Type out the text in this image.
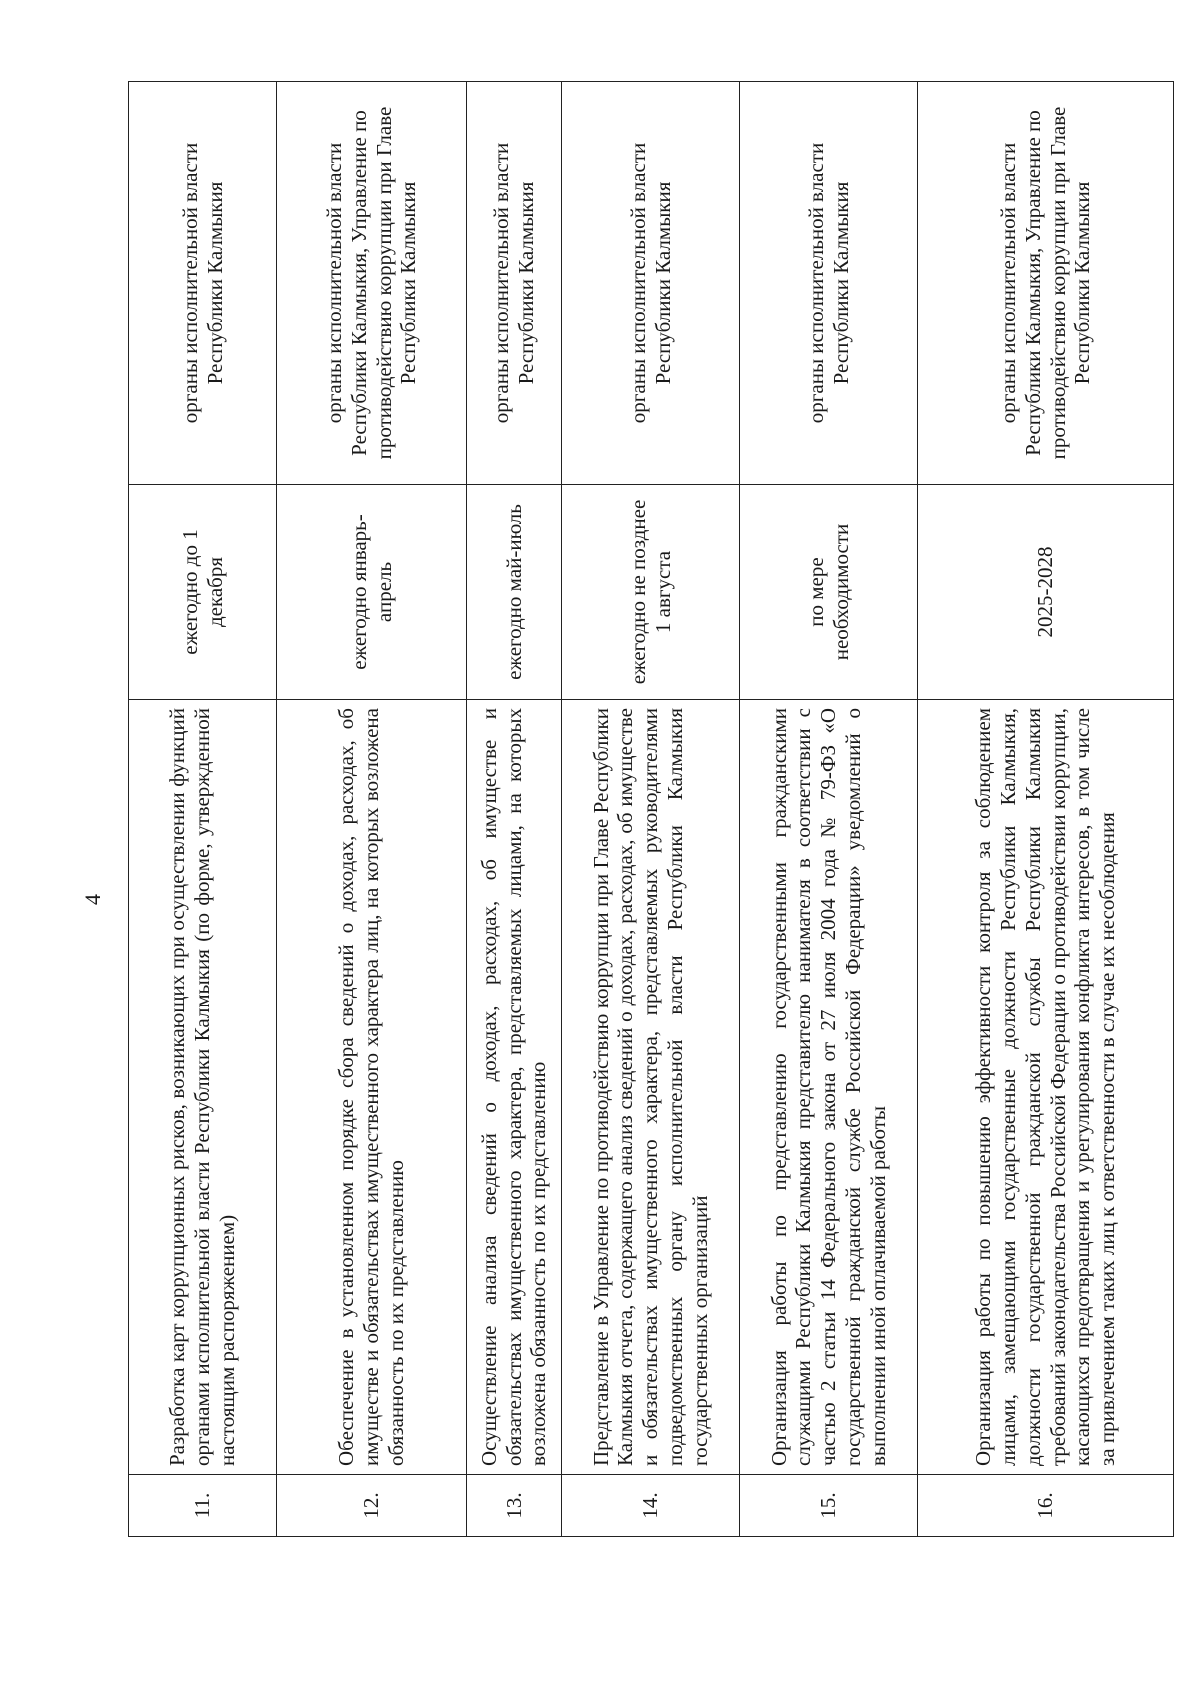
4
11.	Разработка карт коррупционных рисков, возникающих при осуществлении функций органами исполнительной власти Республики Калмыкия (по форме, утвержденной настоящим распоряжением)	ежегодно до 1 декабря	органы исполнительной власти Республики Калмыкия
12.	Обеспечение в установленном порядке сбора сведений о доходах, расходах, об имуществе и обязательствах имущественного характера лиц, на которых возложена обязанность по их представлению	ежегодно январь-апрель	органы исполнительной власти Республики Калмыкия, Управление по противодействию коррупции при Главе Республики Калмыкия
13.	Осуществление анализа сведений о доходах, расходах, об имуществе и обязательствах имущественного характера, представляемых лицами, на которых возложена обязанность по их представлению	ежегодно май-июль	органы исполнительной власти Республики Калмыкия
14.	Представление в Управление по противодействию коррупции при Главе Республики Калмыкия отчета, содержащего анализ сведений о доходах, расходах, об имуществе и обязательствах имущественного характера, представляемых руководителями подведомственных органу исполнительной власти Республики Калмыкия государственных организаций	ежегодно не позднее 1 августа	органы исполнительной власти Республики Калмыкия
15.	Организация работы по представлению государственными гражданскими служащими Республики Калмыкия представителю нанимателя в соответствии с частью 2 статьи 14 Федерального закона от 27 июля 2004 года № 79-ФЗ «О государственной гражданской службе Российской Федерации» уведомлений о выполнении иной оплачиваемой работы	по мере необходимости	органы исполнительной власти Республики Калмыкия
16.	Организация работы по повышению эффективности контроля за соблюдением лицами, замещающими государственные должности Республики Калмыкия, должности государственной гражданской службы Республики Калмыкия требований законодательства Российской Федерации о противодействии коррупции, касающихся предотвращения и урегулирования конфликта интересов, в том числе за привлечением таких лиц к ответственности в случае их несоблюдения	2025-2028	органы исполнительной власти Республики Калмыкия, Управление по противодействию коррупции при Главе Республики Калмыкия
